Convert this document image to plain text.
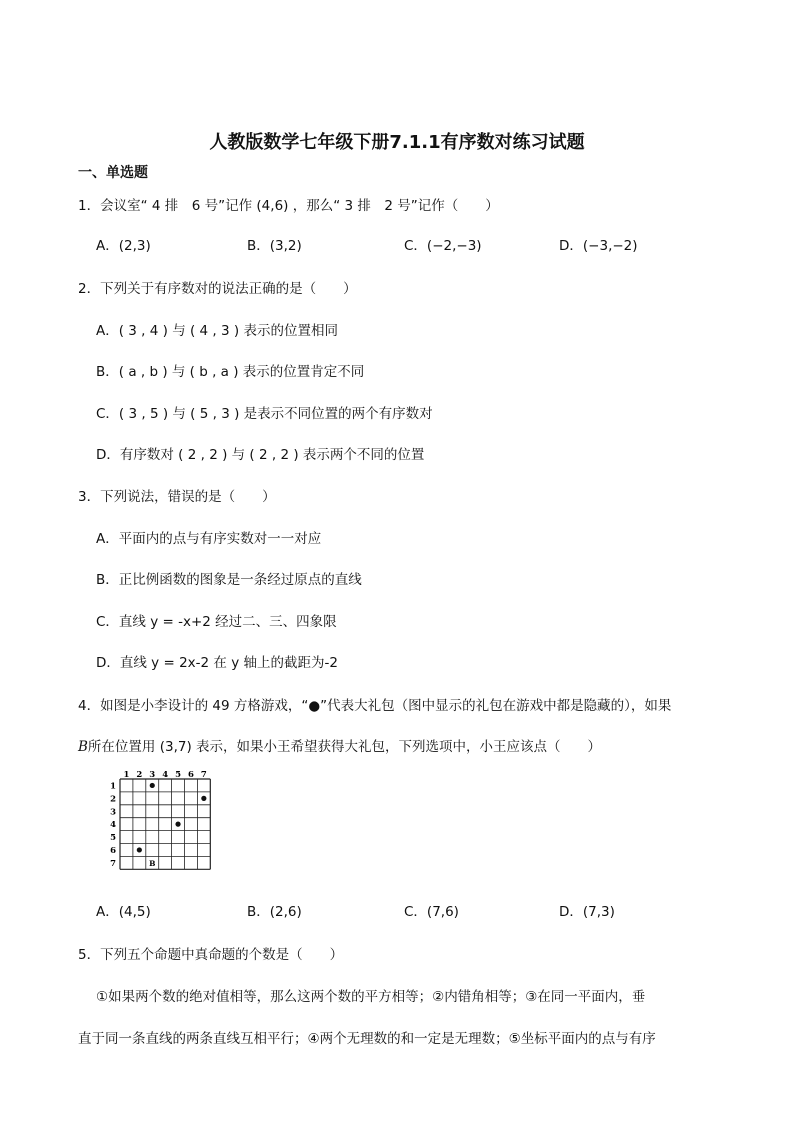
人教版数学七年级下册7.1.1有序数对练习试题
一、单选题
1．会议室“ 4 排　6 号”记作 (4,6) ，那么“ 3 排　2 号”记作（　　）
A．(2,3)	B．(3,2)	C．(−2,−3)	D．(−3,−2)
2．下列关于有序数对的说法正确的是（　　）
A．( 3 , 4 ) 与 ( 4 , 3 ) 表示的位置相同
B．( a , b ) 与 ( b , a ) 表示的位置肯定不同
C．( 3 , 5 ) 与 ( 5 , 3 ) 是表示不同位置的两个有序数对
D．有序数对 ( 2 , 2 ) 与 ( 2 , 2 ) 表示两个不同的位置
3．下列说法，错误的是（　　）
A．平面内的点与有序实数对一一对应
B．正比例函数的图象是一条经过原点的直线
C．直线 y = -x+2 经过二、三、四象限
D．直线 y = 2x-2 在 y 轴上的截距为-2
4．如图是小李设计的 49 方格游戏，“●”代表大礼包（图中显示的礼包在游戏中都是隐藏的），如果
B所在位置用 (3,7) 表示，如果小王希望获得大礼包，下列选项中，小王应该点（　　）
1 2 3 4 5 6 7
1
2
3
4
5
6
7	B
A．(4,5)	B．(2,6)	C．(7,6)	D．(7,3)
5．下列五个命题中真命题的个数是（　　）
①如果两个数的绝对值相等，那么这两个数的平方相等；②内错角相等；③在同一平面内，垂
直于同一条直线的两条直线互相平行；④两个无理数的和一定是无理数；⑤坐标平面内的点与有序
